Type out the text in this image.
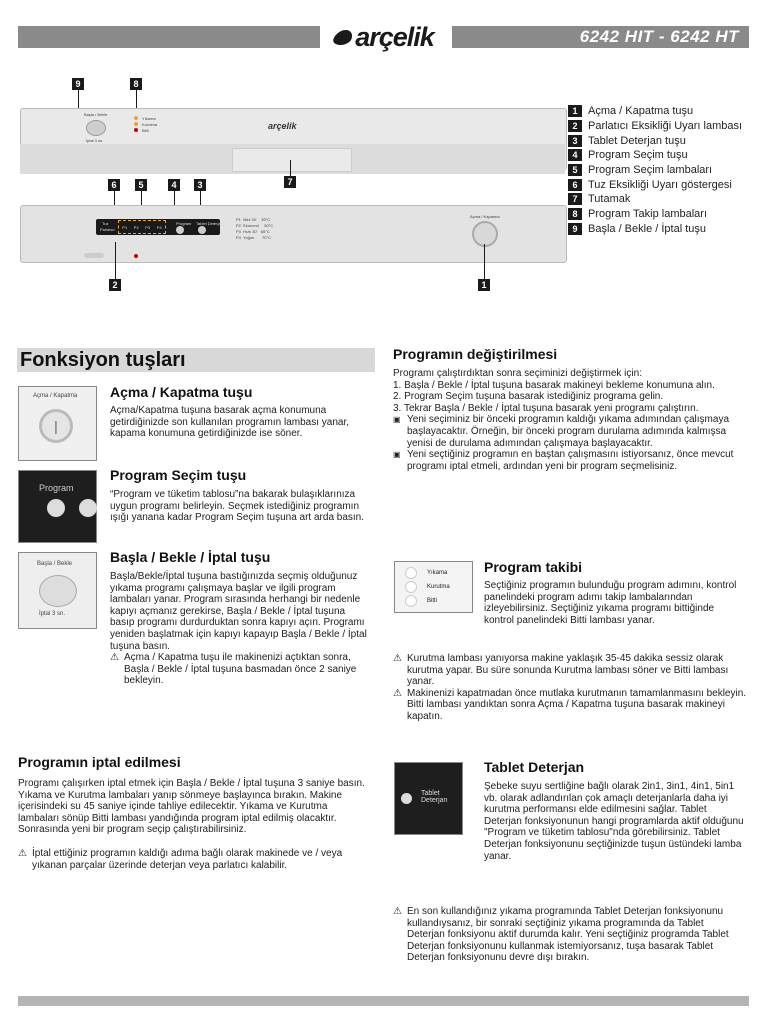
arçelik	6242 HIT - 6242 HT
9	8
Başla / Bekle
İptal 3 sn.
Yıkama
Kurutma
Bitti	arçelik
7
6	5	4	3
Tuz
Parlatıcı P1 P2 P3 P4
Program Tablet Deterjan
P1  Mini 30'    35°C
P2  Ekonomi     50°C
P3  Hızlı 30'   65°C
P4  Yoğun       70°C
Açma / Kapatma
2	1
1 Açma / Kapatma tuşu
2 Parlatıcı Eksikliği Uyarı lambası
3 Tablet Deterjan tuşu
4 Program Seçim tuşu
5 Program Seçim lambaları
6 Tuz Eksikliği Uyarı göstergesi
7 Tutamak
8 Program Takip lambaları
9 Başla / Bekle / İptal tuşu
Fonksiyon tuşları
Açma / Kapatma
|
Açma / Kapatma tuşu
Açma/Kapatma tuşuna basarak açma konumuna getirdiğinizde son kullanılan programın lambası yanar, kapama konumuna getirdiğinizde ise söner.
Program
Program Seçim tuşu
“Program ve tüketim tablosu”na bakarak bulaşıklarınıza uygun programı belirleyin. Seçmek istediğiniz programın ışığı yanana kadar Program Seçim tuşuna art arda basın.
Başla / Bekle
İptal 3 sn.
Başla / Bekle / İptal tuşu
Başla/Bekle/İptal tuşuna bastığınızda seçmiş olduğunuz yıkama programı çalışmaya başlar ve ilgili program lambaları yanar. Program sırasında herhangi bir nedenle kapıyı açmanız gerekirse, Başla / Bekle / İptal tuşuna basıp programı durdurduktan sonra kapıyı açın. Programı yeniden başlatmak için kapıyı kapayıp Başla / Bekle / İptal tuşuna basın.
⚠ Açma / Kapatma tuşu ile makinenizi açtıktan sonra, Başla / Bekle / İptal tuşuna basmadan önce 2 saniye bekleyin.
Programın iptal edilmesi
Programı çalışırken iptal etmek için Başla / Bekle / İptal tuşuna 3 saniye basın. Yıkama ve Kurutma lambaları yanıp sönmeye başlayınca bırakın. Makine içerisindeki su 45 saniye içinde tahliye edilecektir. Yıkama ve Kurutma lambaları sönüp Bitti lambası yandığında program iptal edilmiş olacaktır. Sonrasında yeni bir program seçip çalıştırabilirsiniz.
⚠ İptal ettiğiniz programın kaldığı adıma bağlı olarak makinede ve / veya yıkanan parçalar üzerinde deterjan veya parlatıcı kalabilir.
Programın değiştirilmesi

Programı çalıştırdıktan sonra seçiminizi değiştirmek için:

1. Başla / Bekle / İptal tuşuna basarak makineyi bekleme konumuna alın.

2. Program Seçim tuşuna basarak istediğiniz programa gelin.

3. Tekrar Başla / Bekle / İptal tuşuna basarak yeni programı çalıştırın.

▣ Yeni seçiminiz bir önceki programın kaldığı yıkama adımından çalışmaya başlayacaktır. Örneğin, bir önceki program durulama adımında kalmışsa yenisi de durulama adımından çalışmaya başlayacaktır.
▣ Yeni seçtiğiniz programın en baştan çalışmasını istiyorsanız, önce mevcut programı iptal etmeli, ardından yeni bir program seçmelisiniz.
Yıkama
Kurutma
Bitti
Program takibi
Seçtiğiniz programın bulunduğu program adımını, kontrol panelindeki program adımı takip lambalarından izleyebilirsiniz. Seçtiğiniz yıkama programı bittiğinde kontrol panelindeki Bitti lambası yanar.
⚠ Kurutma lambası yanıyorsa makine yaklaşık 35-45 dakika sessiz olarak kurutma yapar. Bu süre sonunda Kurutma lambası söner ve Bitti lambası yanar.
⚠ Makinenizi kapatmadan önce mutlaka kurutmanın tamamlanmasını bekleyin. Bitti lambası yandıktan sonra Açma / Kapatma tuşuna basarak makineyi kapatın.
Tablet Deterjan
Tablet Deterjan
Şebeke suyu sertliğine bağlı olarak 2in1, 3in1, 4in1, 5in1 vb. olarak adlandırılan çok amaçlı deterjanlarla daha iyi kurutma performansı elde edilmesini sağlar. Tablet Deterjan fonksiyonunun hangi programlarda aktif olduğunu "Program ve tüketim tablosu"nda görebilirsiniz. Tablet Deterjan fonksiyonunu seçtiğinizde tuşun üstündeki lamba yanar.
⚠ En son kullandığınız yıkama programında Tablet Deterjan fonksiyonunu kullandıysanız, bir sonraki seçtiğiniz yıkama programında da Tablet Deterjan fonksiyonu aktif durumda kalır. Yeni seçtiğiniz programda Tablet Deterjan fonksiyonunu kullanmak istemiyorsanız, tuşa basarak Tablet Deterjan fonksiyonunu devre dışı bırakın.
